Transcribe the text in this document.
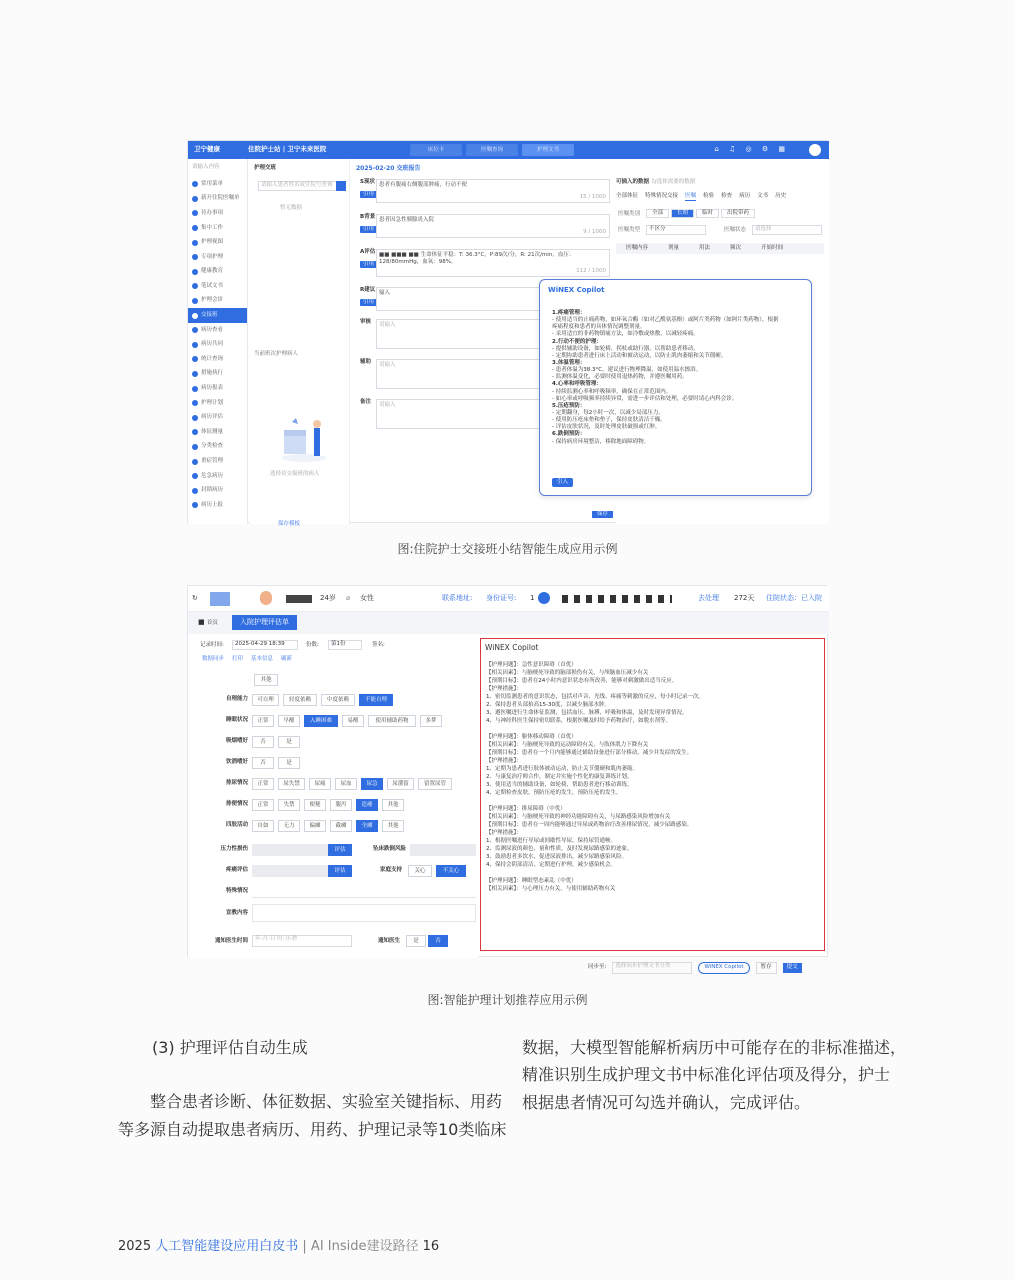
卫宁健康	住院护士站 | 卫宁未来医院	床位卡	医嘱查询	护理文书	⌂ ♫ ◎ ⚙ ▦
请输入内容
常用菜单
新开住院医嘱单
待办事项
集中工作
护理视图
专项护理
健康教育
笔试文书
护理会诊
交接班
病历查看
病历共同
统计查询
措施执行
病历报表
护理计划
病历评估
体征测量
分类检查
重症管理
危急病历
封锁病历
病历上报
护理交班
请输入患者姓名或住院号查询
暂无数据
当前班次护理病人
选择待交接班的病人
保存模板
2025-02-20 交班报告
S现状
引用
患者有腹痛右侧腹部肿痛，行动不便
15 / 1000
B背景
引用
患者因急性胰腺炎入院
9 / 1000
A评估
引用
■■ ■■■ ■■ 生命体征平稳：T: 36.3°C，P:89次/分，R: 21次/min，血压：128/80mmHg，血氧：98%。
112 / 1000
R建议
引用
输入
审核	请输入
辅助	请输入
备注	请输入
可插入的数据 勾选你需要的数据
全部体征 特殊情况交接 医嘱 检验 检查 病历 文书 历史
医嘱类别	全部	长期	临时	出院带药
医嘱类型	不区分	医嘱状态	请选择
医嘱内容	剂量	用法	频次	开始时间
WiNEX Copilot
1.疼痛管理：
- 使用适当的止痛药物，如环氧合酶（如对乙酰氨基酚）或阿片类药物（如阿片类药物），根据
疼痛程度和患者的具体情况调整剂量。
- 采用适宜的非药物镇痛方法，如冷敷或热敷，以减轻疼痛。
2.行动不便的护理：
- 提供辅助设备，如轮椅、拐杖或助行器，以帮助患者移动。
- 定期协助患者进行床上活动和被动运动，以防止肌肉萎缩和关节僵硬。
3.体温管理：
- 患者体温为38.3°C，建议进行物理降温，如使用温水擦浴。
- 监测体温变化，必要时使用退热药物，并遵医嘱用药。
4.心率和呼吸管理：
- 持续监测心率和呼吸频率，确保在正常范围内。
- 如心率或呼吸频率持续异常，需进一步评估和处理，必要时请心内科会诊。
5.压疮预防：
- 定期翻身，每2小时一次，以减少局部压力。
- 使用防压疮床垫和垫子，保持皮肤清洁干燥。
- 评估皮肤状况，及时处理皮肤破损或红肿。
6.跌倒预防：
- 保持病房环境整洁，移除地面障碍物。
引入
保存
图:住院护士交接班小结智能生成应用示例
↻	24岁 ⌀ 女性	联系地址: 身份证号: 1	去处理 272天 住院状态：已入院
■ 首页	入院护理评估单
记录时间:	2025-04-29 18:39	份数:	第1份	签名:
数据同步 打印 基本信息 刷新
其他
自理能力	可自理	轻度依赖	中度依赖	不能自理
睡眠状况	正常	早醒	入睡困难	易醒	使用辅助药物	多梦
吸烟嗜好	否	是
饮酒嗜好	否	是
排尿情况	正常	尿失禁	尿痛	尿血	尿急	尿潴留	留置尿管
排便情况	正常	失禁	便秘	腹泻	造瘘	其他
四肢活动	自如	无力	偏瘫	截瘫	全瘫	其他
压力性损伤	评估	坠床跌倒风险
疼痛评估	评估	家庭支持	关心	不关心
特殊情况
宣教内容
通知医生时间	年-月-日 时:分:秒	通知医生	是	否
WiNEX Copilot
【护理问题】：急性意识障碍（首优）
【相关因素】：与脑梗死导致的脑部损伤有关，与颅脑血压减少有关
【预期目标】：患者在24小时内意识状态有所改善，能够对刺激做出适当反应。
【护理措施】：
1、密切监测患者的意识状态，包括对声音、光线、疼痛等刺激的反应，每小时记录一次。
2、保持患者头部抬高15-30度，以减少脑部水肿。
3、遵医嘱进行生命体征监测，包括血压、脉搏、呼吸和体温，及时发现异常情况。
4、与神经科医生保持密切联系，根据医嘱及时给予药物治疗，如脱水剂等。
【护理问题】：躯体移动障碍（首优）
【相关因素】：与脑梗死导致的运动障碍有关，与肢体肌力下降有关
【预期目标】：患者在一个月内能够通过辅助设备进行部分移动，减少并发症的发生。
【护理措施】：
1、定期为患者进行肢体被动运动，防止关节僵硬和肌肉萎缩。
2、与康复治疗师合作，制定并实施个性化的康复训练计划。
3、使用适当的辅助设备，如轮椅、帮助患者进行移动训练。
4、定期检查皮肤，预防压疮的发生，预防压疮的发生。
【护理问题】：排尿障碍（中优）
【相关因素】：与脑梗死导致的神经功能障碍有关，与尿路感染风险增加有关
【预期目标】：患者在一周内能够通过导尿或药物治疗改善排尿情况，减少尿路感染。
【护理措施】：
1、根据医嘱进行导尿或间歇性导尿，保持尿管通畅。
2、监测尿液的颜色、量和性质，及时发现尿路感染的迹象。
3、鼓励患者多饮水，促进尿液排出，减少尿路感染风险。
4、保持会阴部清洁，定期进行护理，减少感染机会。
【护理问题】：睡眠型态紊乱（中优）
【相关因素】：与心理压力有关，与使用辅助药物有关
同步至:	选择同步护理文书分类	WiNEX Copilot	暂存	提交
图:智能护理计划推荐应用示例
(3) 护理评估自动生成
整合患者诊断、体征数据、实验室关键指标、用药
等多源自动提取患者病历、用药、护理记录等10类临床
数据，大模型智能解析病历中可能存在的非标准描述，
精准识别生成护理文书中标准化评估项及得分，护士
根据患者情况可勾选并确认，完成评估。
2025 人工智能建设应用白皮书 | AI Inside建设路径 16
